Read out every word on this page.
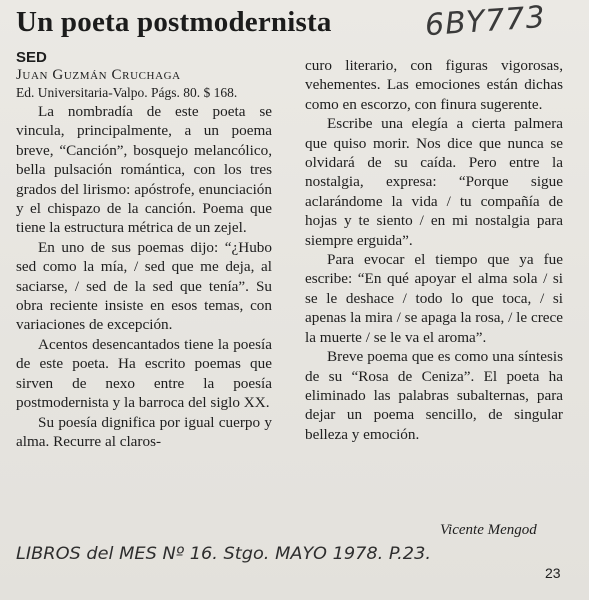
Un poeta postmodernista	6BY773

SED

Juan Guzmán Cruchaga

Ed. Universitaria-Valpo. Págs. 80. $ 168.

La nombradía de este poeta se vincula, principalmente, a un poema breve, “Canción”, bosquejo melancólico, bella pulsación romántica, con los tres grados del lirismo: apóstrofe, enunciación y el chispazo de la canción. Poema que tiene la estructura métrica de un zejel.

En uno de sus poemas dijo: “¿Hubo sed como la mía, / sed que me deja, al saciarse, / sed de la sed que tenía”. Su obra reciente insiste en esos temas, con variaciones de excepción.

Acentos desencantados tiene la poesía de este poeta. Ha escrito poemas que sirven de nexo entre la poesía postmodernista y la barroca del siglo XX.

Su poesía dignifica por igual cuerpo y alma. Recurre al claros-

curo literario, con figuras vigorosas, vehementes. Las emociones están dichas como en escorzo, con finura sugerente.

Escribe una elegía a cierta palmera que quiso morir. Nos dice que nunca se olvidará de su caída. Pero entre la nostalgia, expresa: “Porque sigue aclarándome la vida / tu compañía de hojas y te siento / en mi nostalgia para siempre erguida”.

Para evocar el tiempo que ya fue escribe: “En qué apoyar el alma sola / si se le deshace / todo lo que toca, / si apenas la mira / se apaga la rosa, / le crece la muerte / se le va el aroma”.

Breve poema que es como una síntesis de su “Rosa de Ceniza”. El poeta ha eliminado las palabras subalternas, para dejar un poema sencillo, de singular belleza y emoción.

Vicente Mengod
LIBROS del MES Nº 16. Stgo. MAYO 1978. P.23.
23
